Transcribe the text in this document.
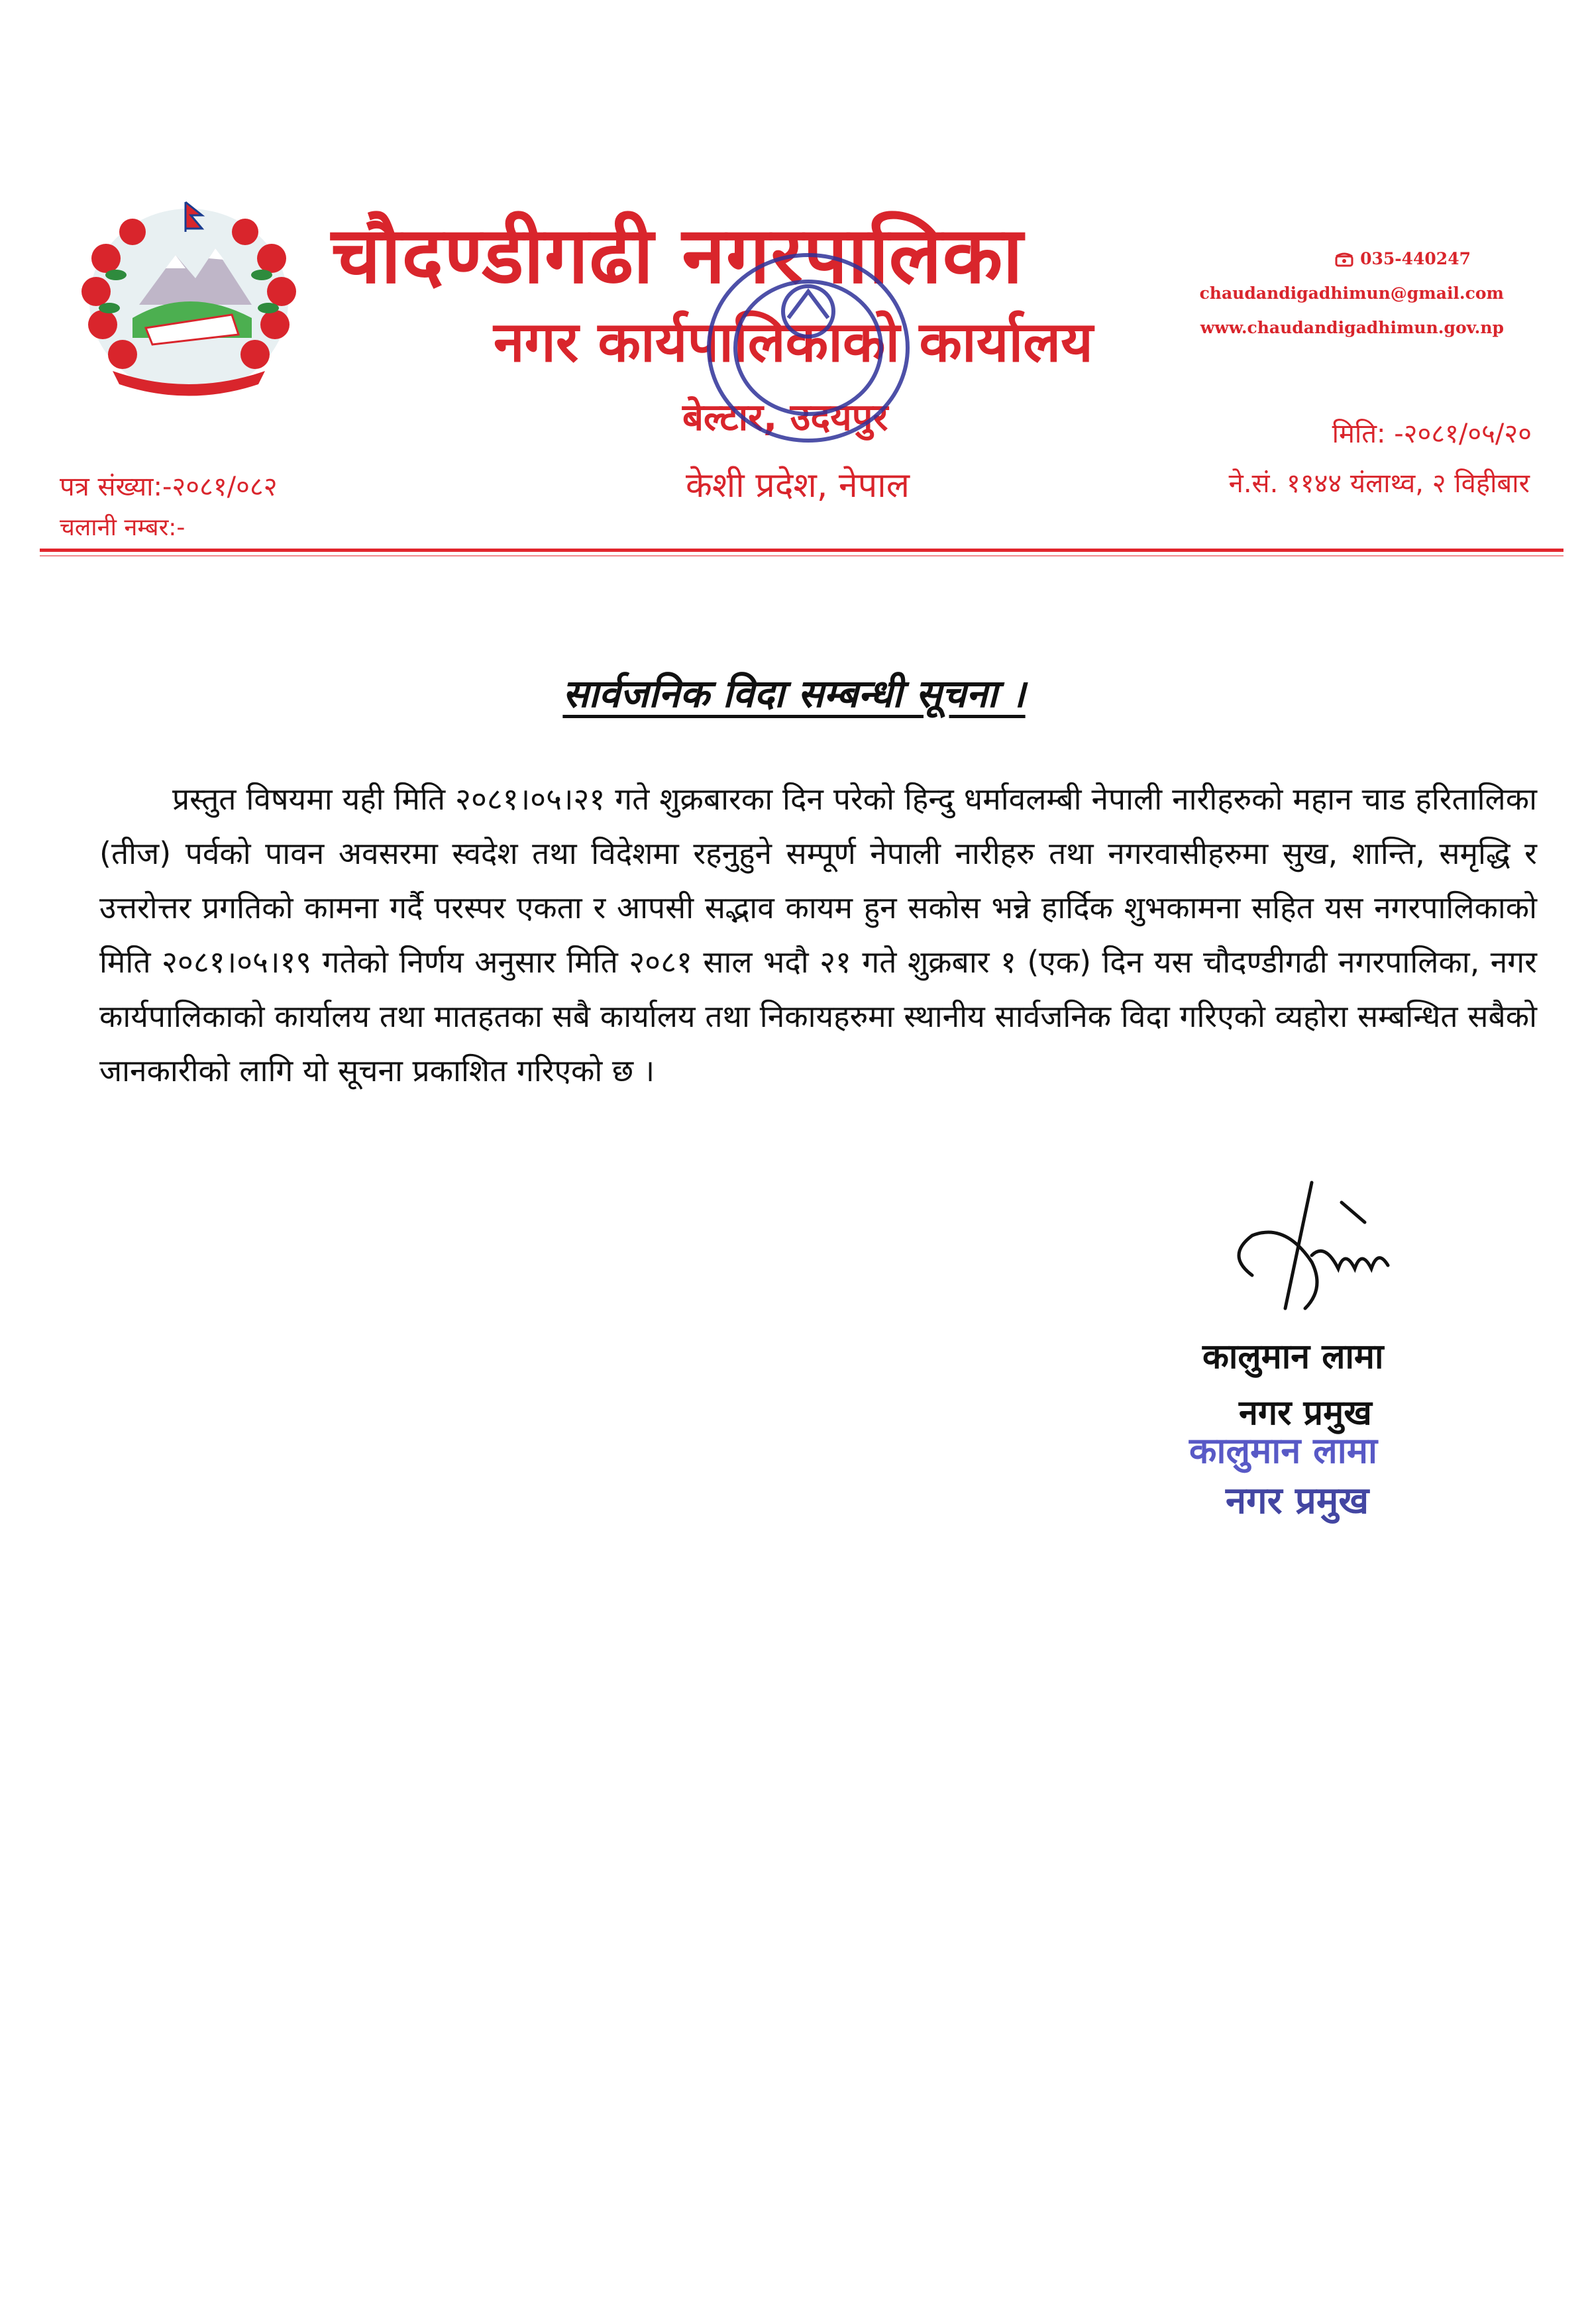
चौदण्डीगढी नगरपालिका
नगर कार्यपालिकाको कार्यालय
बेल्टार, उदयपुर
केशी प्रदेश, नेपाल
035-440247
chaudandigadhimun@gmail.com
www.chaudandigadhimun.gov.np
मिति: -२०८१/०५/२०
ने.सं. ११४४ यंलाथ्व, २ विहीबार
पत्र संख्या:-२०८१/०८२
चलानी नम्बर:-
सार्वजनिक विदा सम्बन्धी सूचना ।
प्रस्तुत विषयमा यही मिति २०८१।०५।२१ गते शुक्रबारका दिन परेको हिन्दु धर्मावलम्बी नेपाली नारीहरुको महान चाड हरितालिका (तीज) पर्वको पावन अवसरमा स्वदेश तथा विदेशमा रहनुहुने सम्पूर्ण नेपाली नारीहरु तथा नगरवासीहरुमा सुख, शान्ति, समृद्धि र उत्तरोत्तर प्रगतिको कामना गर्दै परस्पर एकता र आपसी सद्भाव कायम हुन सकोस भन्ने हार्दिक शुभकामना सहित यस नगरपालिकाको मिति २०८१।०५।१९ गतेको निर्णय अनुसार मिति २०८१ साल भदौ २१ गते शुक्रबार १ (एक) दिन यस चौदण्डीगढी नगरपालिका, नगर कार्यपालिकाको कार्यालय तथा मातहतका सबै कार्यालय तथा निकायहरुमा स्थानीय सार्वजनिक विदा गरिएको व्यहोरा सम्बन्धित सबैको जानकारीको लागि यो सूचना प्रकाशित गरिएको छ ।
कालुमान लामा
नगर प्रमुख
कालुमान लामा
नगर प्रमुख
